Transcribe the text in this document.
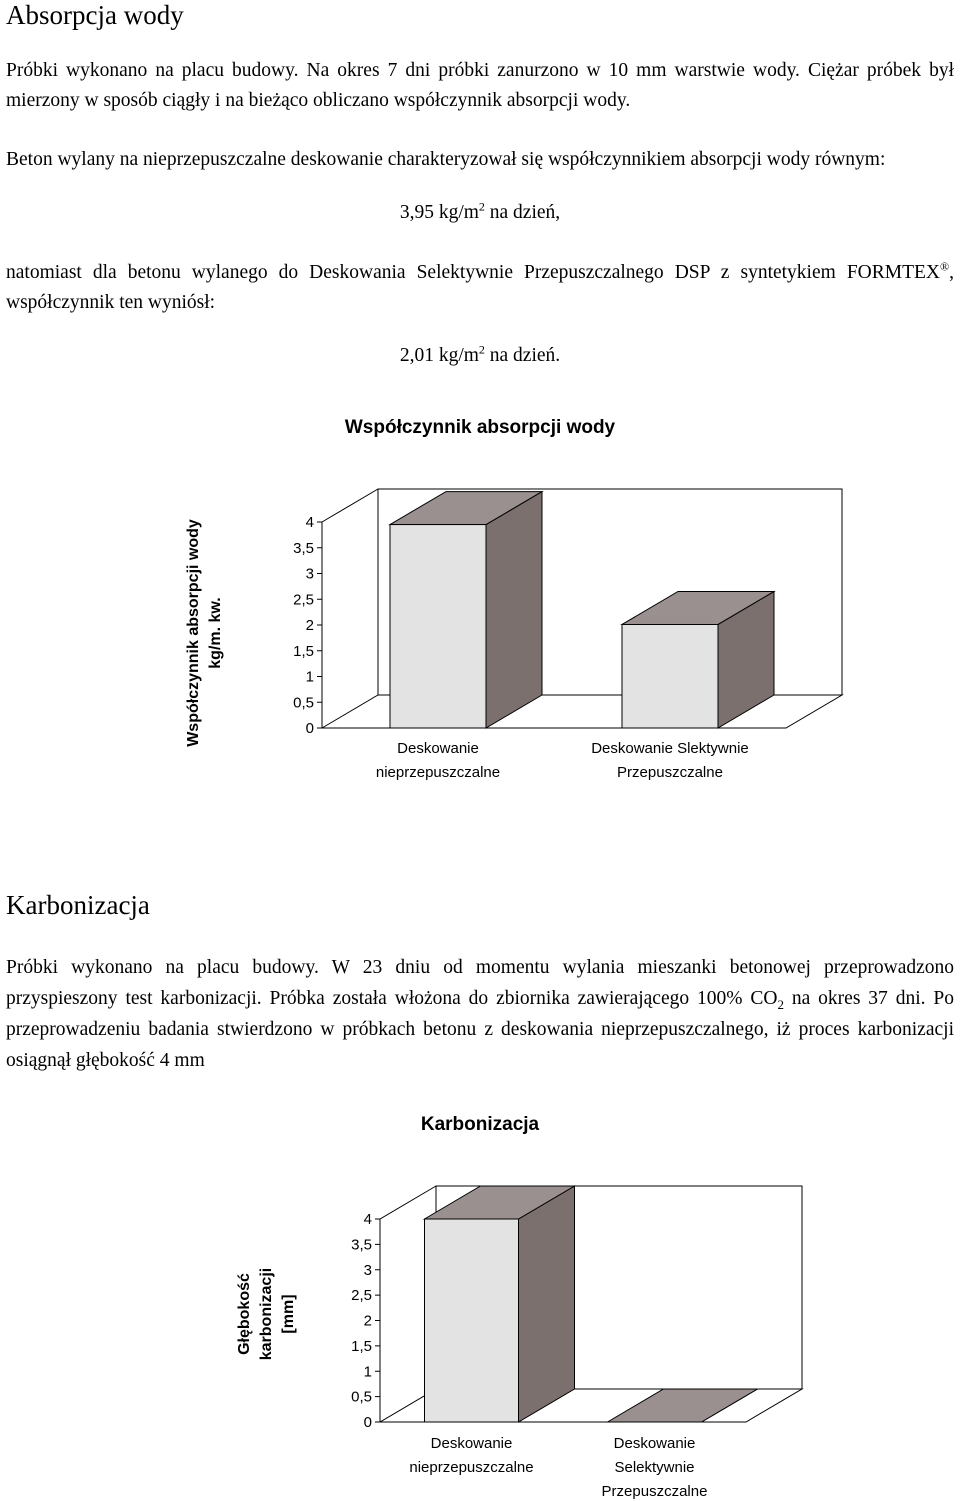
Absorpcja wody

Próbki wykonano na placu budowy. Na okres 7 dni próbki zanurzono w 10 mm warstwie wody. Ciężar próbek był mierzony w sposób ciągły i na bieżąco obliczano współczynnik absorpcji wody.

Beton wylany na nieprzepuszczalne deskowanie charakteryzował się współczynnikiem absorpcji wody równym:

3,95 $kg/m^2$ na dzień,

natomiast dla betonu wylanego do Deskowania Selektywnie Przepuszczalnego DSP z syntetykiem FORMTEX®, współczynnik ten wyniósł:

2,01 $kg/m^2$ na dzień.
Współczynnik absorpcji wody
Współczynnik absorpcji wody kg/m. kw.
0
0,5
1
1,5
2
2,5
3
3,5
4
Deskowanie
nieprzepuszczalne
Deskowanie Slektywnie
Przepuszczalne
Karbonizacja

Próbki wykonano na placu budowy. W 23 dniu od momentu wylania mieszanki betonowej przeprowadzono przyspieszony test karbonizacji. Próbka została włożona do zbiornika zawierającego 100% $CO_2$ na okres 37 dni. Po przeprowadzeniu badania stwierdzono w próbkach betonu z deskowania nieprzepuszczalnego, iż proces karbonizacji osiągnął głębokość 4 mm

Karbonizacja
Głębokość karbonizacji [mm]
0
0,5
1
1,5
2
2,5
3
3,5
4
Deskowanie
nieprzepuszczalne
Deskowanie
Selektywnie
Przepuszczalne
